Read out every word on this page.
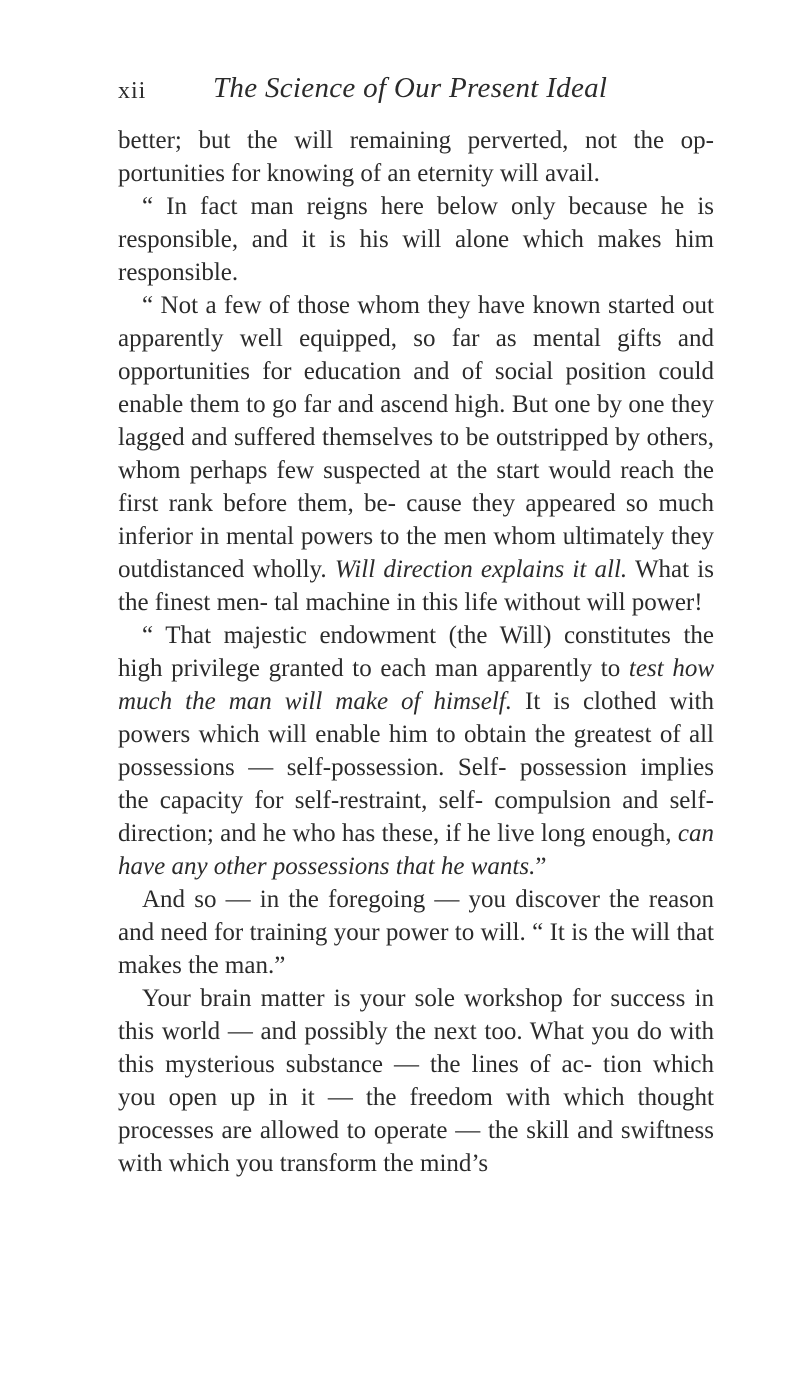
xii The Science of Our Present Ideal

better; but the will remaining perverted, not the op- portunities for knowing of an eternity will avail.

“ In fact man reigns here below only because he is responsible, and it is his will alone which makes him responsible.

“ Not a few of those whom they have known started out apparently well equipped, so far as mental gifts and opportunities for education and of social position could enable them to go far and ascend high. But one by one they lagged and suffered themselves to be outstripped by others, whom perhaps few suspected at the start would reach the first rank before them, be- cause they appeared so much inferior in mental powers to the men whom ultimately they outdistanced wholly. Will direction explains it all. What is the finest men- tal machine in this life without will power!

“ That majestic endowment (the Will) constitutes the high privilege granted to each man apparently to test how much the man will make of himself. It is clothed with powers which will enable him to obtain the greatest of all possessions — self-possession. Self- possession implies the capacity for self-restraint, self- compulsion and self-direction; and he who has these, if he live long enough, can have any other possessions that he wants.”

And so — in the foregoing — you discover the reason and need for training your power to will. “ It is the will that makes the man.”

Your brain matter is your sole workshop for success in this world — and possibly the next too. What you do with this mysterious substance — the lines of ac- tion which you open up in it — the freedom with which thought processes are allowed to operate — the skill and swiftness with which you transform the mind’s
